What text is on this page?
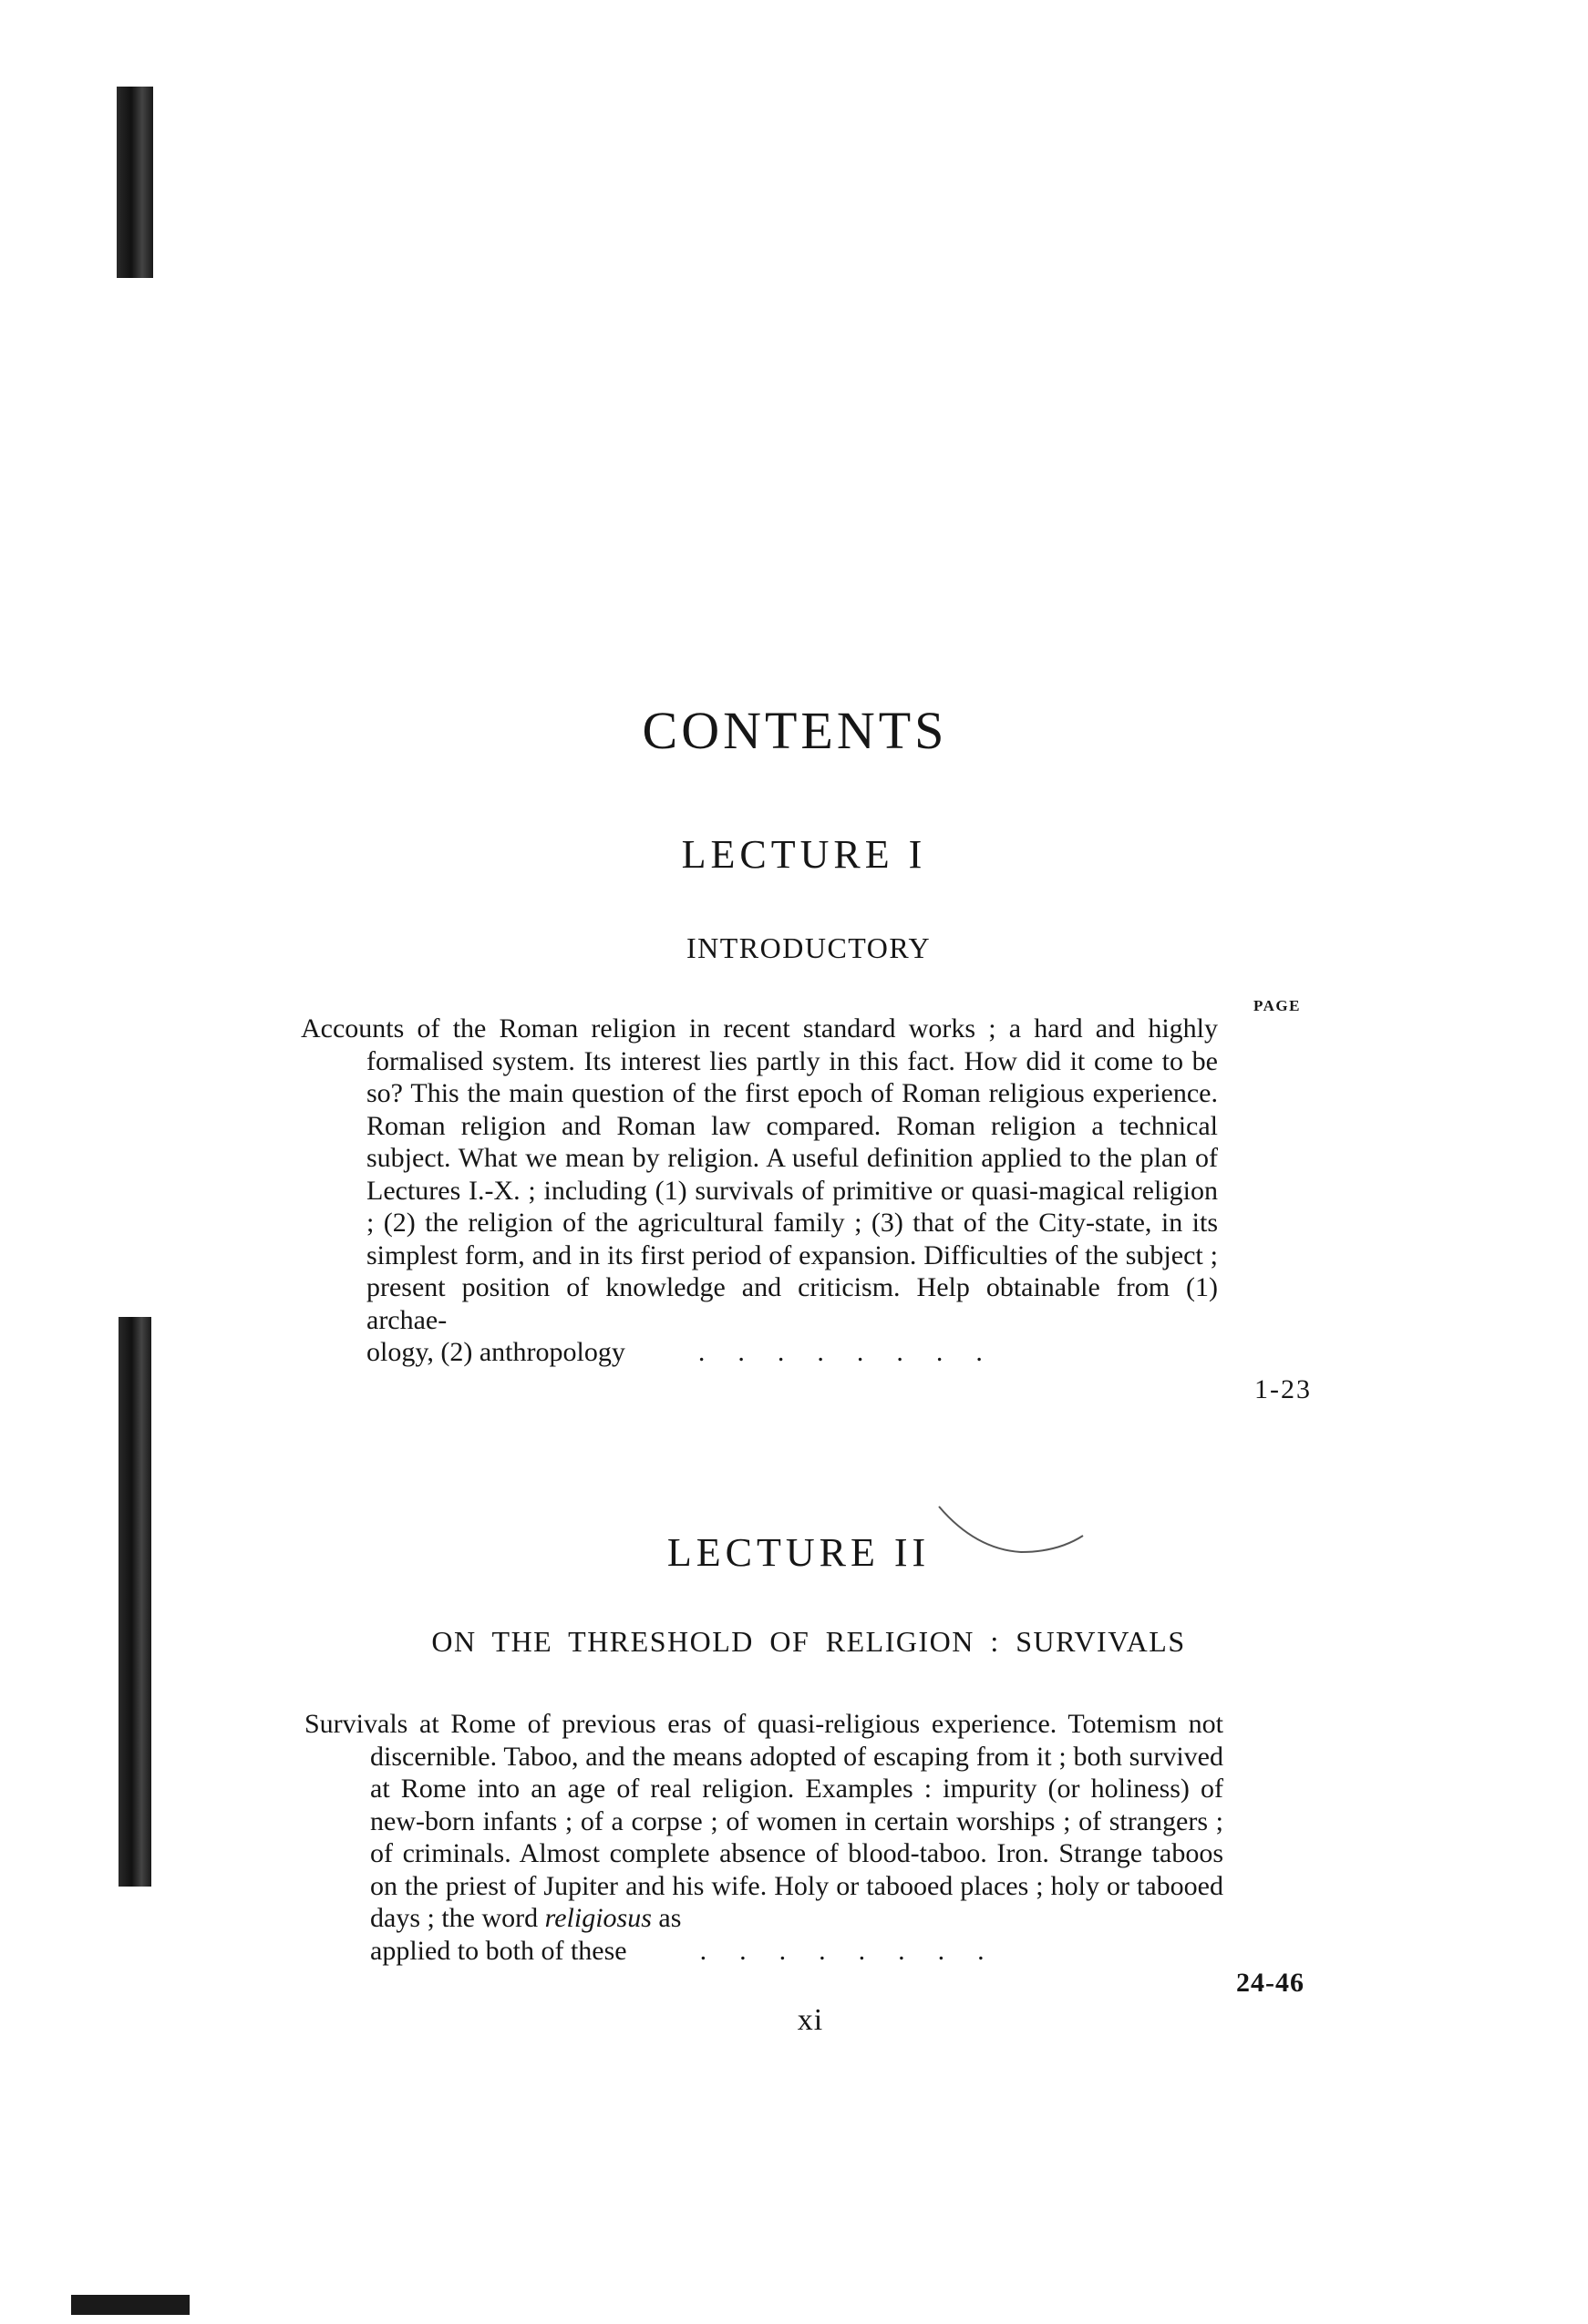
CONTENTS
LECTURE I
INTRODUCTORY
PAGE

Accounts of the Roman religion in recent standard works ; a hard and highly formalised system. Its interest lies partly in this fact. How did it come to be so? This the main question of the first epoch of Roman religious experience. Roman religion and Roman law compared. Roman religion a technical subject. What we mean by religion. A useful definition applied to the plan of Lectures I.-X. ; including (1) survivals of primitive or quasi-magical religion ; (2) the religion of the agricultural family ; (3) that of the City-state, in its simplest form, and in its first period of expansion. Difficulties of the subject ; present position of knowledge and criticism. Help obtainable from (1) archae-

ology, (2) anthropology	........
1-23
LECTURE II
ON THE THRESHOLD OF RELIGION : SURVIVALS

Survivals at Rome of previous eras of quasi-religious experience. Totemism not discernible. Taboo, and the means adopted of escaping from it ; both survived at Rome into an age of real religion. Examples : impurity (or holiness) of new-born infants ; of a corpse ; of women in certain worships ; of strangers ; of criminals. Almost complete absence of blood-taboo. Iron. Strange taboos on the priest of Jupiter and his wife. Holy or tabooed places ; holy or tabooed days ; the word religiosus as

applied to both of these	........
24-46
xi
